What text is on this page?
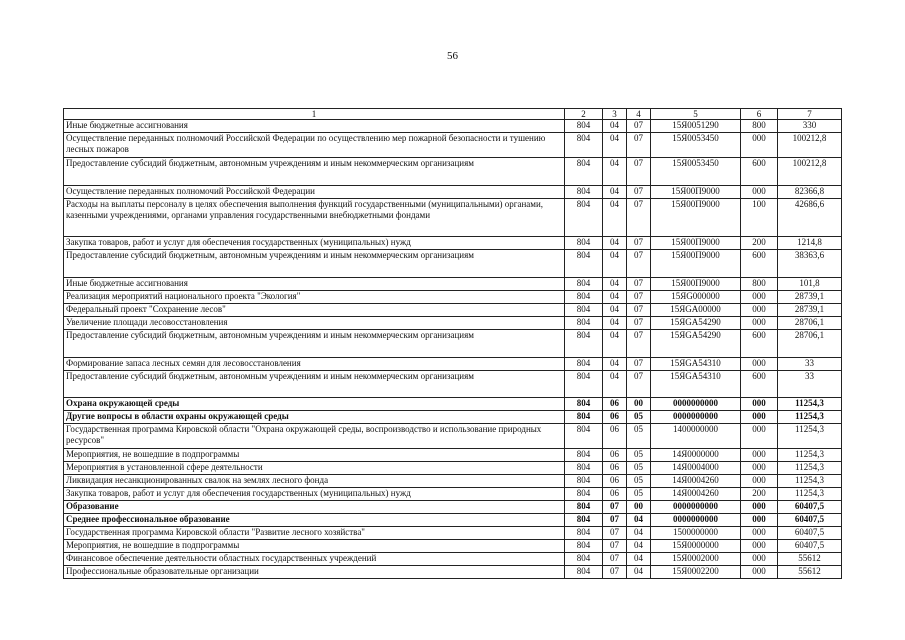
56
1	2	3	4	5	6	7
Иные бюджетные ассигнования	804	04	07	15Я0051290	800	330
Осуществление переданных полномочий Российской Федерации по осуществлению мер пожарной безопасности и тушению лесных пожаров	804	04	07	15Я0053450	000	100212,8
Предоставление субсидий бюджетным, автономным учреждениям и иным некоммерческим организациям	804	04	07	15Я0053450	600	100212,8
Осуществление переданных полномочий Российской Федерации	804	04	07	15Я00П9000	000	82366,8
Расходы на выплаты персоналу в целях обеспечения выполнения функций государственными (муниципальными) органами, казенными учреждениями, органами управления государственными внебюджетными фондами	804	04	07	15Я00П9000	100	42686,6
Закупка товаров, работ и услуг для обеспечения государственных (муниципальных) нужд	804	04	07	15Я00П9000	200	1214,8
Предоставление субсидий бюджетным, автономным учреждениям и иным некоммерческим организациям	804	04	07	15Я00П9000	600	38363,6
Иные бюджетные ассигнования	804	04	07	15Я00П9000	800	101,8
Реализация мероприятий национального проекта "Экология"	804	04	07	15ЯG000000	000	28739,1
Федеральный проект "Сохранение лесов"	804	04	07	15ЯGA00000	000	28739,1
Увеличение площади лесовосстановления	804	04	07	15ЯGA54290	000	28706,1
Предоставление субсидий бюджетным, автономным учреждениям и иным некоммерческим организациям	804	04	07	15ЯGA54290	600	28706,1
Формирование запаса лесных семян для лесовосстановления	804	04	07	15ЯGA54310	000	33
Предоставление субсидий бюджетным, автономным учреждениям и иным некоммерческим организациям	804	04	07	15ЯGA54310	600	33
Охрана окружающей среды	804	06	00	0000000000	000	11254,3
Другие вопросы в области охраны окружающей среды	804	06	05	0000000000	000	11254,3
Государственная программа Кировской области "Охрана окружающей среды, воспроизводство и использование природных ресурсов"	804	06	05	1400000000	000	11254,3
Мероприятия, не вошедшие в подпрограммы	804	06	05	14Я0000000	000	11254,3
Мероприятия в установленной сфере деятельности	804	06	05	14Я0004000	000	11254,3
Ликвидация несанкционированных свалок на землях лесного фонда	804	06	05	14Я0004260	000	11254,3
Закупка товаров, работ и услуг для обеспечения государственных (муниципальных) нужд	804	06	05	14Я0004260	200	11254,3
Образование	804	07	00	0000000000	000	60407,5
Среднее профессиональное образование	804	07	04	0000000000	000	60407,5
Государственная программа Кировской области "Развитие лесного хозяйства"	804	07	04	1500000000	000	60407,5
Мероприятия, не вошедшие в подпрограммы	804	07	04	15Я0000000	000	60407,5
Финансовое обеспечение деятельности областных государственных учреждений	804	07	04	15Я0002000	000	55612
Профессиональные образовательные организации	804	07	04	15Я0002200	000	55612
